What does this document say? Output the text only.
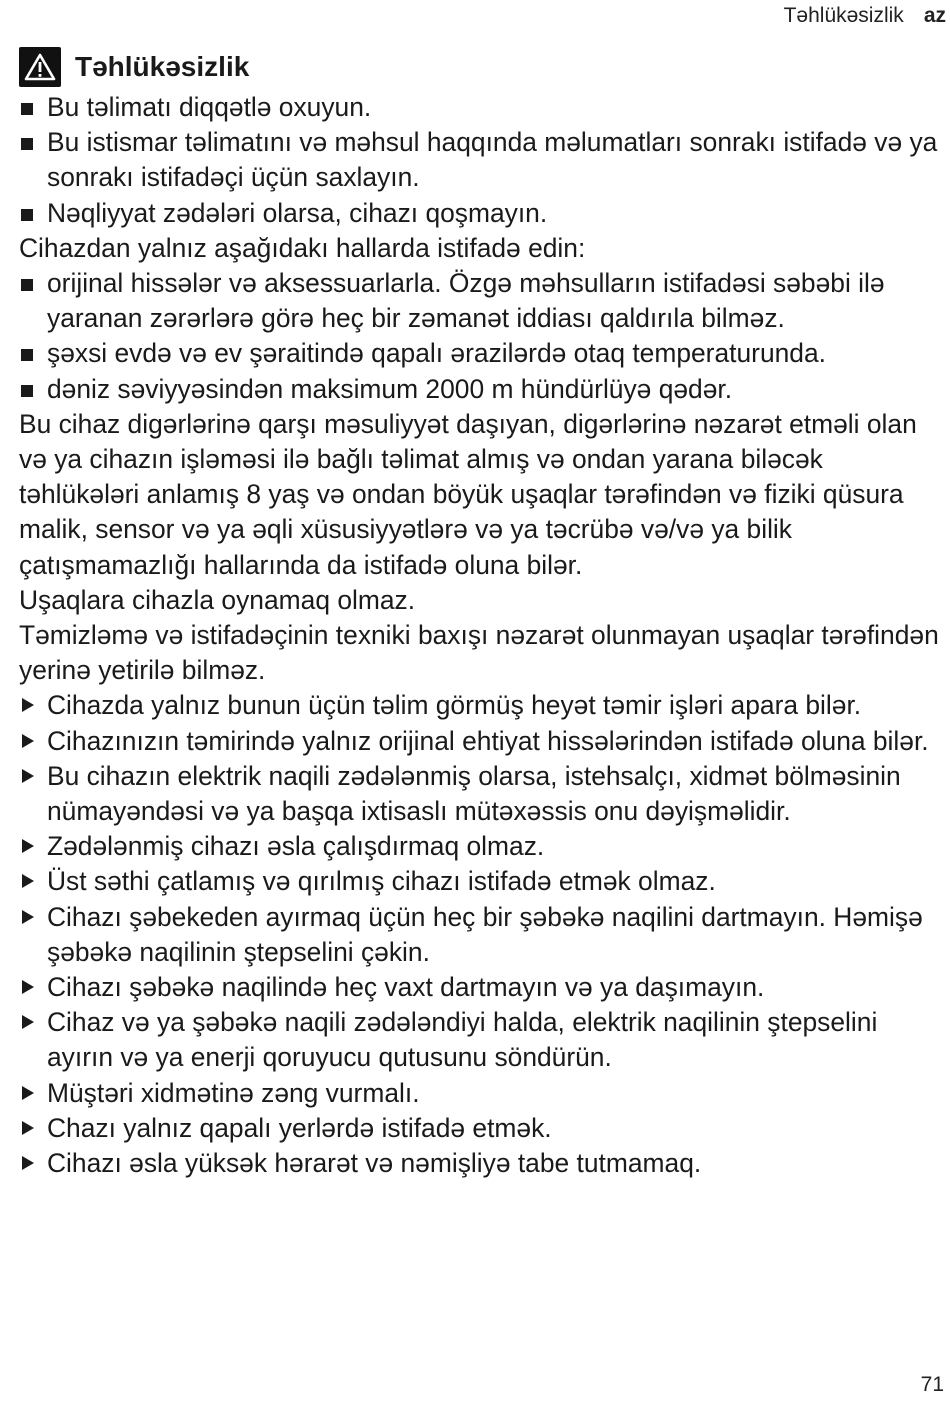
Təhlükəsizlik az
Təhlükəsizlik
Bu təlimatı diqqətlə oxuyun.
Bu istismar təlimatını və məhsul haqqında məlumatları sonrakı istifadə və ya sonrakı istifadəçi üçün saxlayın.
Nəqliyyat zədələri olarsa, cihazı qoşmayın.

Cihazdan yalnız aşağıdakı hallarda istifadə edin:

orijinal hissələr və aksessuarlarla. Özgə məhsulların istifadəsi səbəbi ilə yaranan zərərlərə görə heç bir zəmanət iddiası qaldırıla bilməz.
şəxsi evdə və ev şəraitində qapalı ərazilərdə otaq temperaturunda.
dəniz səviyyəsindən maksimum 2000 m hündürlüyə qədər.

Bu cihaz digərlərinə qarşı məsuliyyət daşıyan, digərlərinə nəzarət etməli olan və ya cihazın işləməsi ilə bağlı təlimat almış və ondan yarana biləcək təhlükələri anlamış 8 yaş və ondan böyük uşaqlar tərəfindən və fiziki qüsura malik, sensor və ya əqli xüsusiyyətlərə və ya təcrübə və/və ya bilik çatışmamazlığı hallarında da istifadə oluna bilər.

Uşaqlara cihazla oynamaq olmaz.

Təmizləmə və istifadəçinin texniki baxışı nəzarət olunmayan uşaqlar tərəfindən yerinə yetirilə bilməz.

Cihazda yalnız bunun üçün təlim görmüş heyət təmir işləri apara bilər.
Cihazınızın təmirində yalnız orijinal ehtiyat hissələrindən istifadə oluna bilər.
Bu cihazın elektrik naqili zədələnmiş olarsa, istehsalçı, xidmət bölməsinin nümayəndəsi və ya başqa ixtisaslı mütəxəssis onu dəyişməlidir.
Zədələnmiş cihazı əsla çalışdırmaq olmaz.
Üst səthi çatlamış və qırılmış cihazı istifadə etmək olmaz.
Cihazı şəbekeden ayırmaq üçün heç bir şəbəkə naqilini dartmayın. Həmişə şəbəkə naqilinin ştepselini çəkin.
Cihazı şəbəkə naqilində heç vaxt dartmayın və ya daşımayın.
Cihaz və ya şəbəkə naqili zədələndiyi halda, elektrik naqilinin ştepselini ayırın və ya enerji qoruyucu qutusunu söndürün.
Müştəri xidmətinə zəng vurmalı.
Chazı yalnız qapalı yerlərdə istifadə etmək.
Cihazı əsla yüksək hərarət və nəmişliyə tabe tutmamaq.
71
